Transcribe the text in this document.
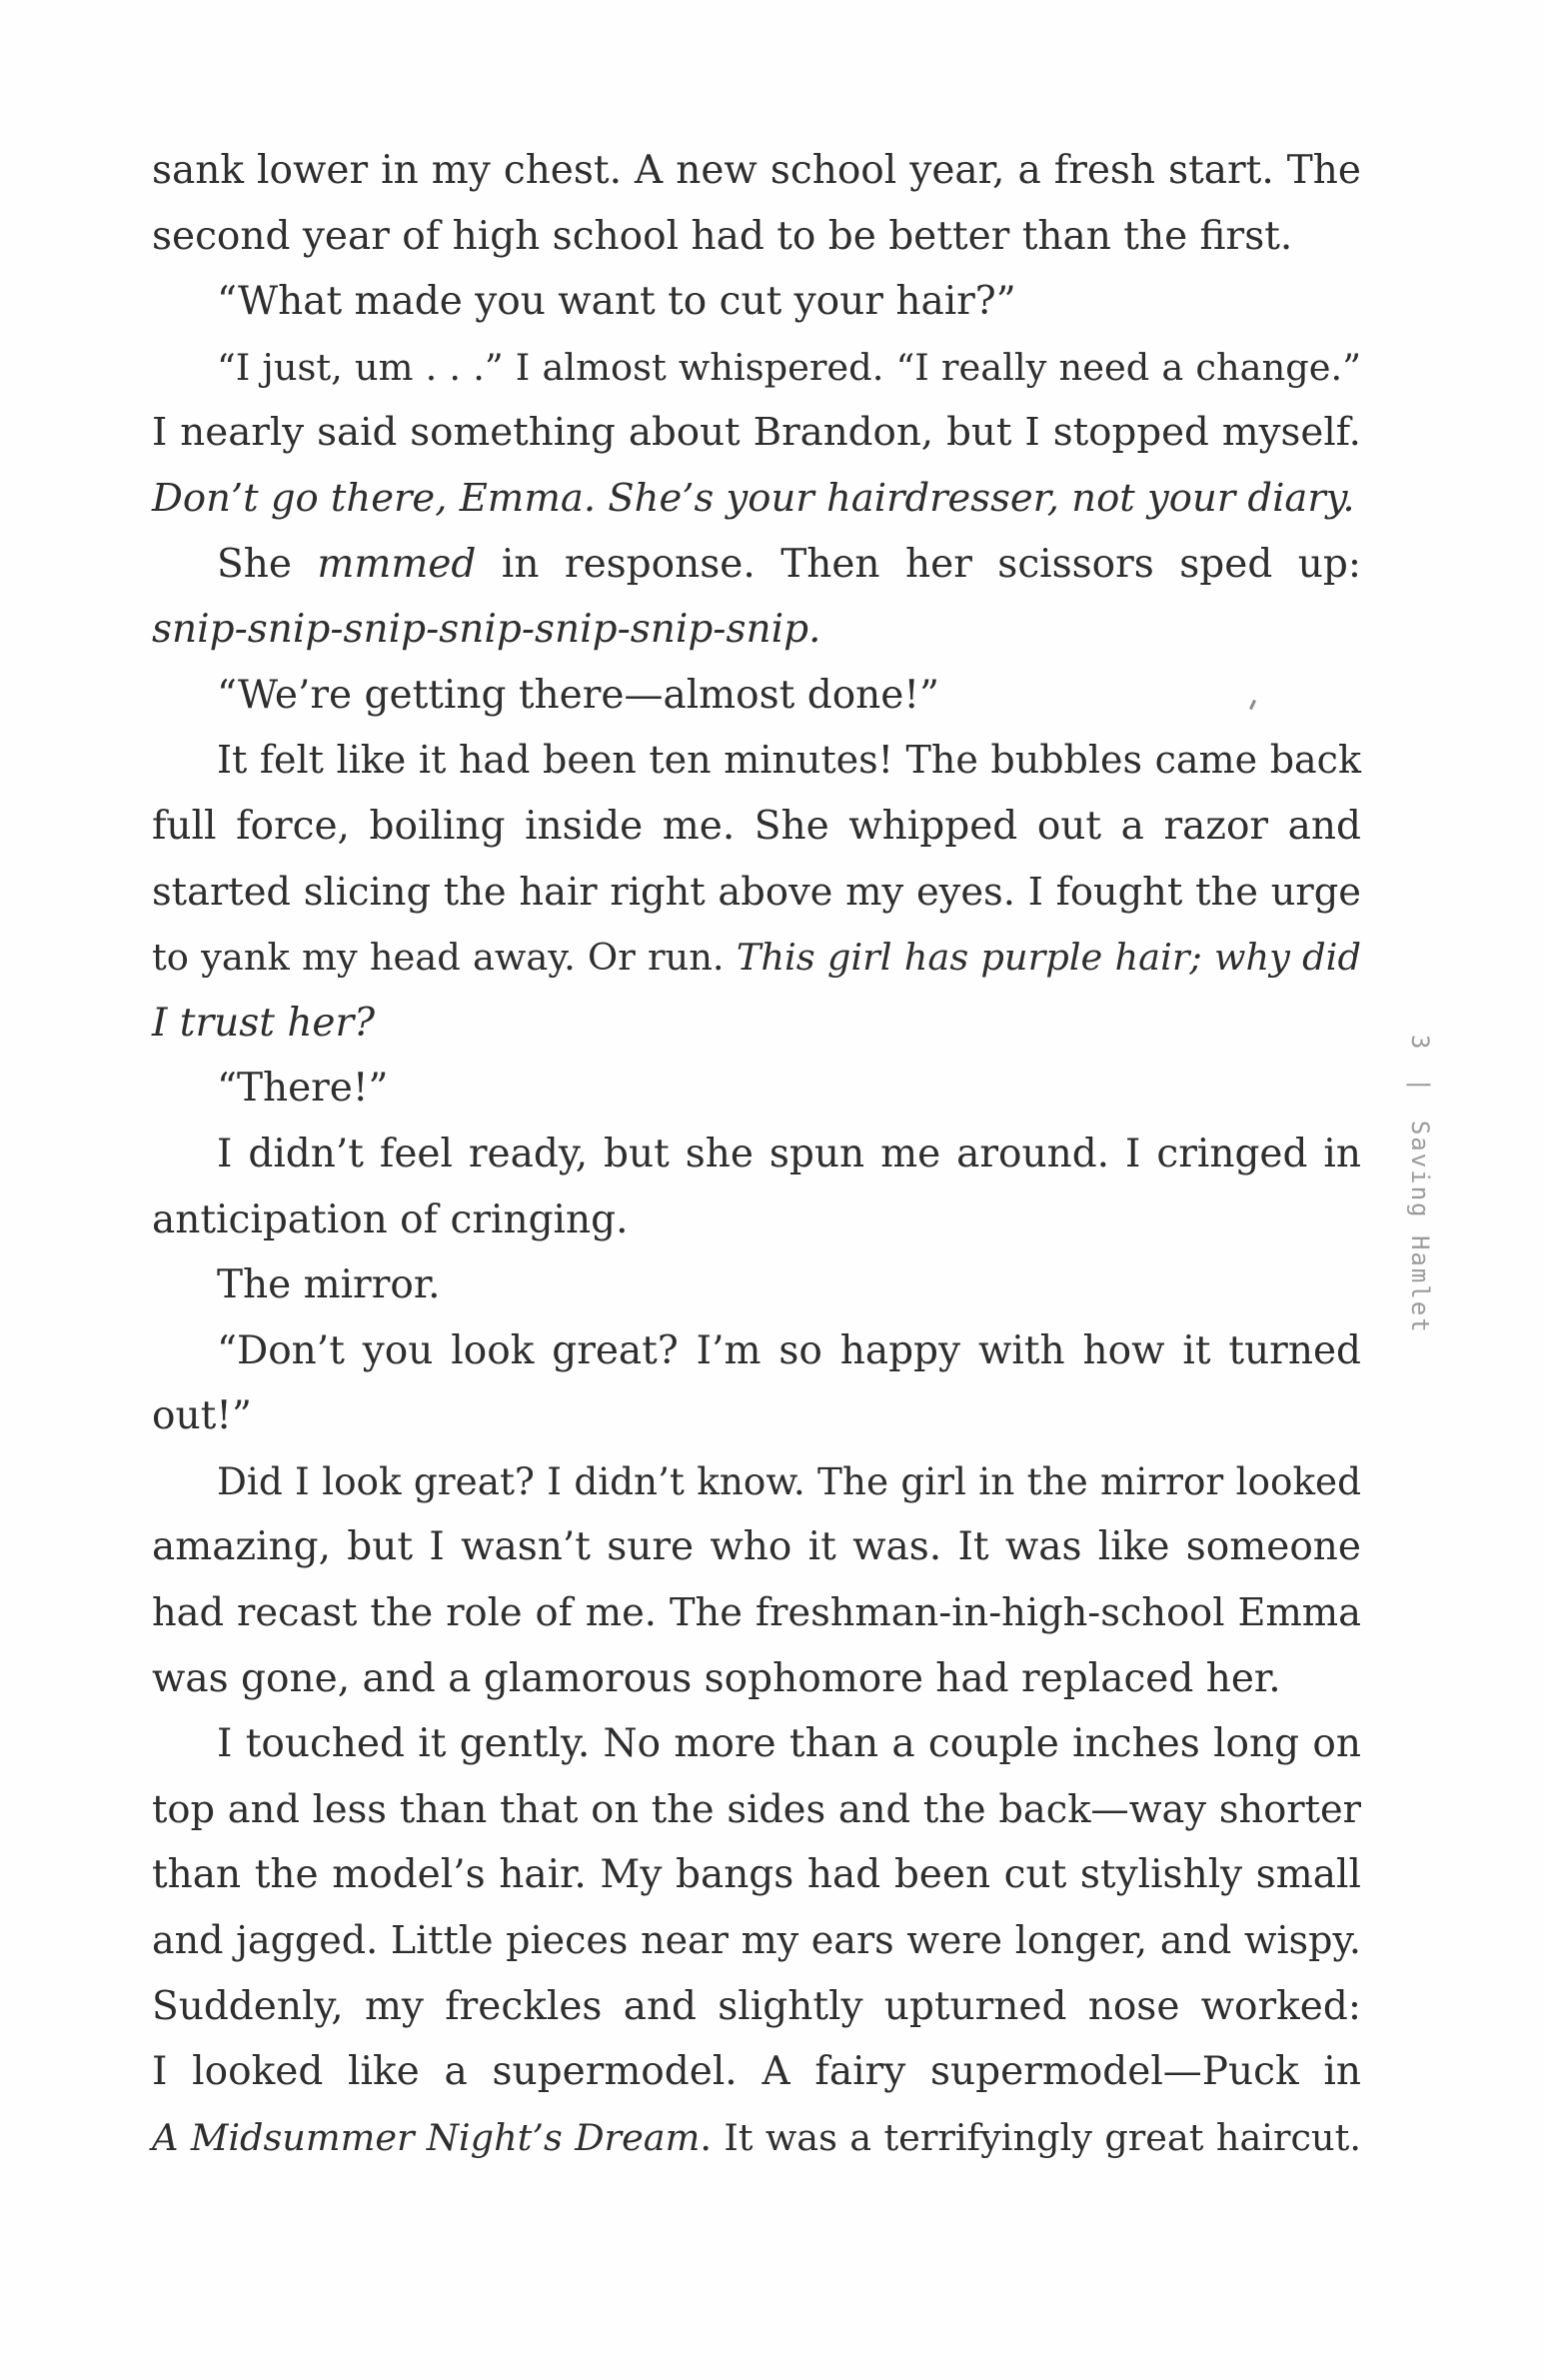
sank lower in my chest. A new school year, a fresh start. The
second year of high school had to be better than the first.
“What made you want to cut your hair?”
“I just, um . . .” I almost whispered. “I really need a change.”
I nearly said something about Brandon, but I stopped myself.
Don’t go there, Emma. She’s your hairdresser, not your diary.
She mmmed in response. Then her scissors sped up:
snip-snip-snip-snip-snip-snip-snip.
“We’re getting there—almost done!”
It felt like it had been ten minutes! The bubbles came back
full force, boiling inside me. She whipped out a razor and
started slicing the hair right above my eyes. I fought the urge
to yank my head away. Or run. This girl has purple hair; why did
I trust her?
“There!”
I didn’t feel ready, but she spun me around. I cringed in
anticipation of cringing.
The mirror.
“Don’t you look great? I’m so happy with how it turned
out!”
Did I look great? I didn’t know. The girl in the mirror looked
amazing, but I wasn’t sure who it was. It was like someone
had recast the role of me. The freshman-in-high-school Emma
was gone, and a glamorous sophomore had replaced her.
I touched it gently. No more than a couple inches long on
top and less than that on the sides and the back—way shorter
than the model’s hair. My bangs had been cut stylishly small
and jagged. Little pieces near my ears were longer, and wispy.
Suddenly, my freckles and slightly upturned nose worked:
I looked like a supermodel. A fairy supermodel—Puck in
A Midsummer Night’s Dream. It was a terrifyingly great haircut.
3 | Saving Hamlet
